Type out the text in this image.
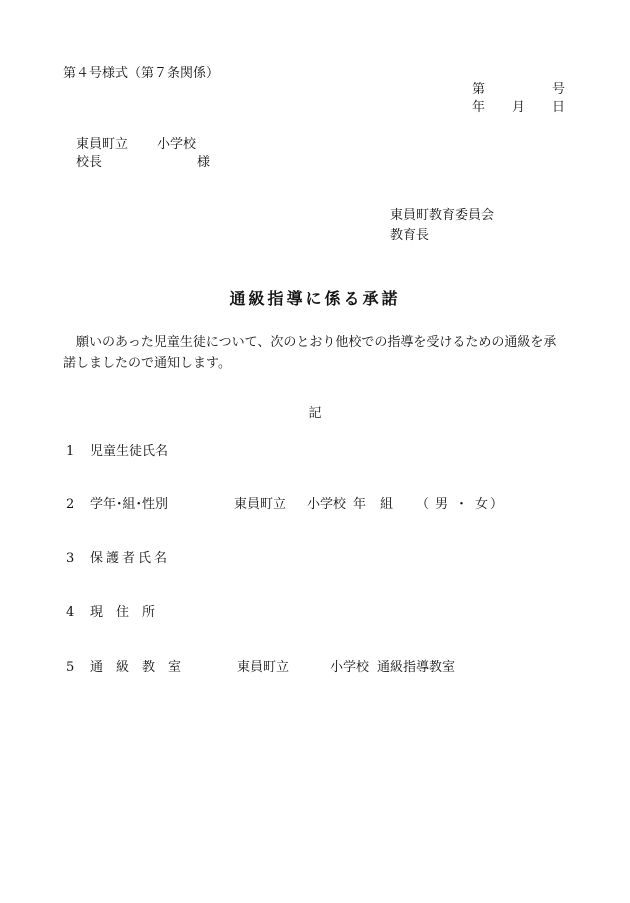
第４号様式（第７条関係）
第	号
年 月 日
東員町立 小学校
校長	様
東員町教育委員会
教育長
通級指導に係る承諾
願いのあった児童生徒について、次のとおり他校での指導を受けるための通級を承
諾しましたので通知します。
記
1 児童生徒氏名
2 学年･組･性別	東員町立 小学校 年 組 （ 男 ・ 女 ）
3 保護者氏名
4 現　住　所
5 通　級　教　室	東員町立	小学校 通級指導教室
